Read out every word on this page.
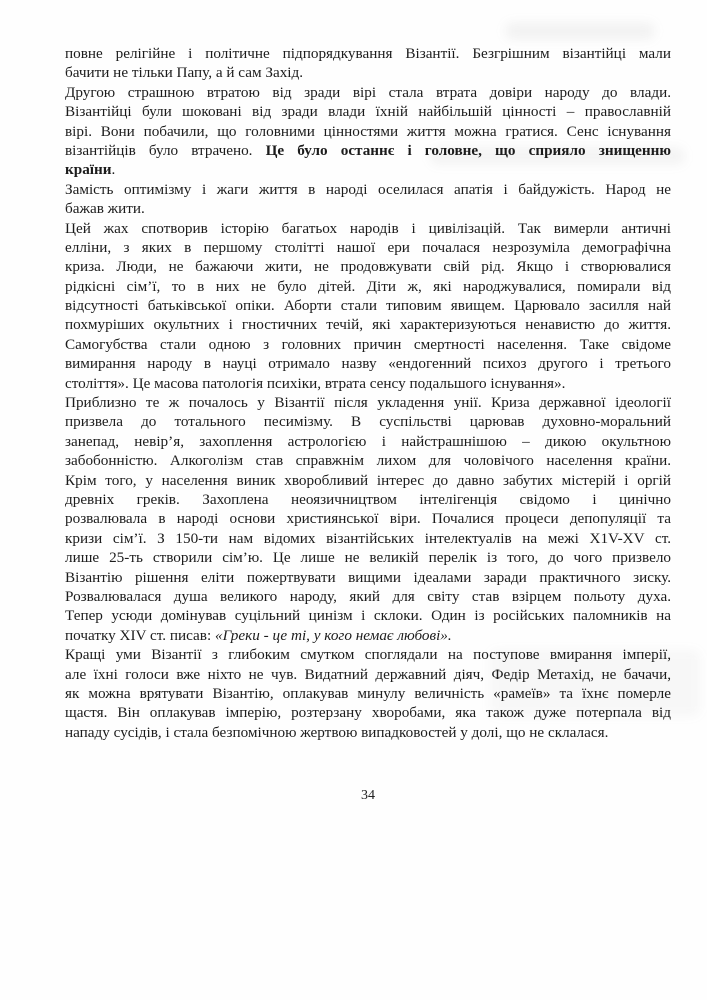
повне релігійне і політичне підпорядкування Візантії. Безгрішним візантійці мали
бачити не тільки Папу, а й сам Захід.
Другою страшною втратою від зради вірі стала втрата довіри народу до влади.
Візантійці були шоковані від зради влади їхній найбільшій цінності – православній
вірі. Вони побачили, що головними цінностями життя можна гратися. Сенс існування
візантійців було втрачено. Це було останнє і головне, що сприяло знищенню
країни.
Замість оптимізму і жаги життя в народі оселилася апатія і байдужість. Народ не
бажав жити.
Цей жах спотворив історію багатьох народів і цивілізацій. Так вимерли античні
елліни, з яких в першому столітті нашої ери почалася незрозуміла демографічна
криза. Люди, не бажаючи жити, не продовжувати свій рід. Якщо і створювалися
рідкісні сім’ї, то в них не було дітей. Діти ж, які народжувалися, помирали від
відсутності батьківської опіки. Аборти стали типовим явищем. Царювало засилля най
похмуріших окультних і гностичних течій, які характеризуються ненавистю до життя.
Самогубства стали одною з головних причин смертності населення. Таке свідоме
вимирання народу в науці отримало назву «ендогенний психоз другого і третього
століття». Це масова патологія психіки, втрата сенсу подальшого існування».
Приблизно те ж почалось у Візантії після укладення унії. Криза державної ідеології
призвела до тотального песимізму. В суспільстві царював духовно-моральний
занепад, невір’я, захоплення астрологією і найстрашнішою – дикою окультною
забобонністю. Алкоголізм став справжнім лихом для чоловічого населення країни.
Крім того, у населення виник хворобливий інтерес до давно забутих містерій і оргій
древніх греків. Захоплена неоязичництвом інтелігенція свідомо і цинічно
розвалювала в народі основи християнської віри. Почалися процеси депопуляції та
кризи сім’ї. З 150-ти нам відомих візантійських інтелектуалів на межі X1V-XV ст.
лише 25-ть створили сім’ю. Це лише не великій перелік із того, до чого призвело
Візантію рішення еліти пожертвувати вищими ідеалами заради практичного зиску.
Розвалювалася душа великого народу, який для світу став взірцем польоту духа.
Тепер усюди домінував суцільний цинізм і склоки. Один із російських паломників на
початку XIV ст. писав: «Греки - це ті, у кого немає любові».
Кращі уми Візантії з глибоким смутком споглядали на поступове вмирання імперії,
але їхні голоси вже ніхто не чув. Видатний державний діяч, Федір Метахід, не бачачи,
як можна врятувати Візантію, оплакував минулу величність «рамеїв» та їхнє померле
щастя. Він оплакував імперію, розтерзану хворобами, яка також дуже потерпала від
нападу сусідів, і стала безпомічною жертвою випадковостей у долі, що не склалася.
34
